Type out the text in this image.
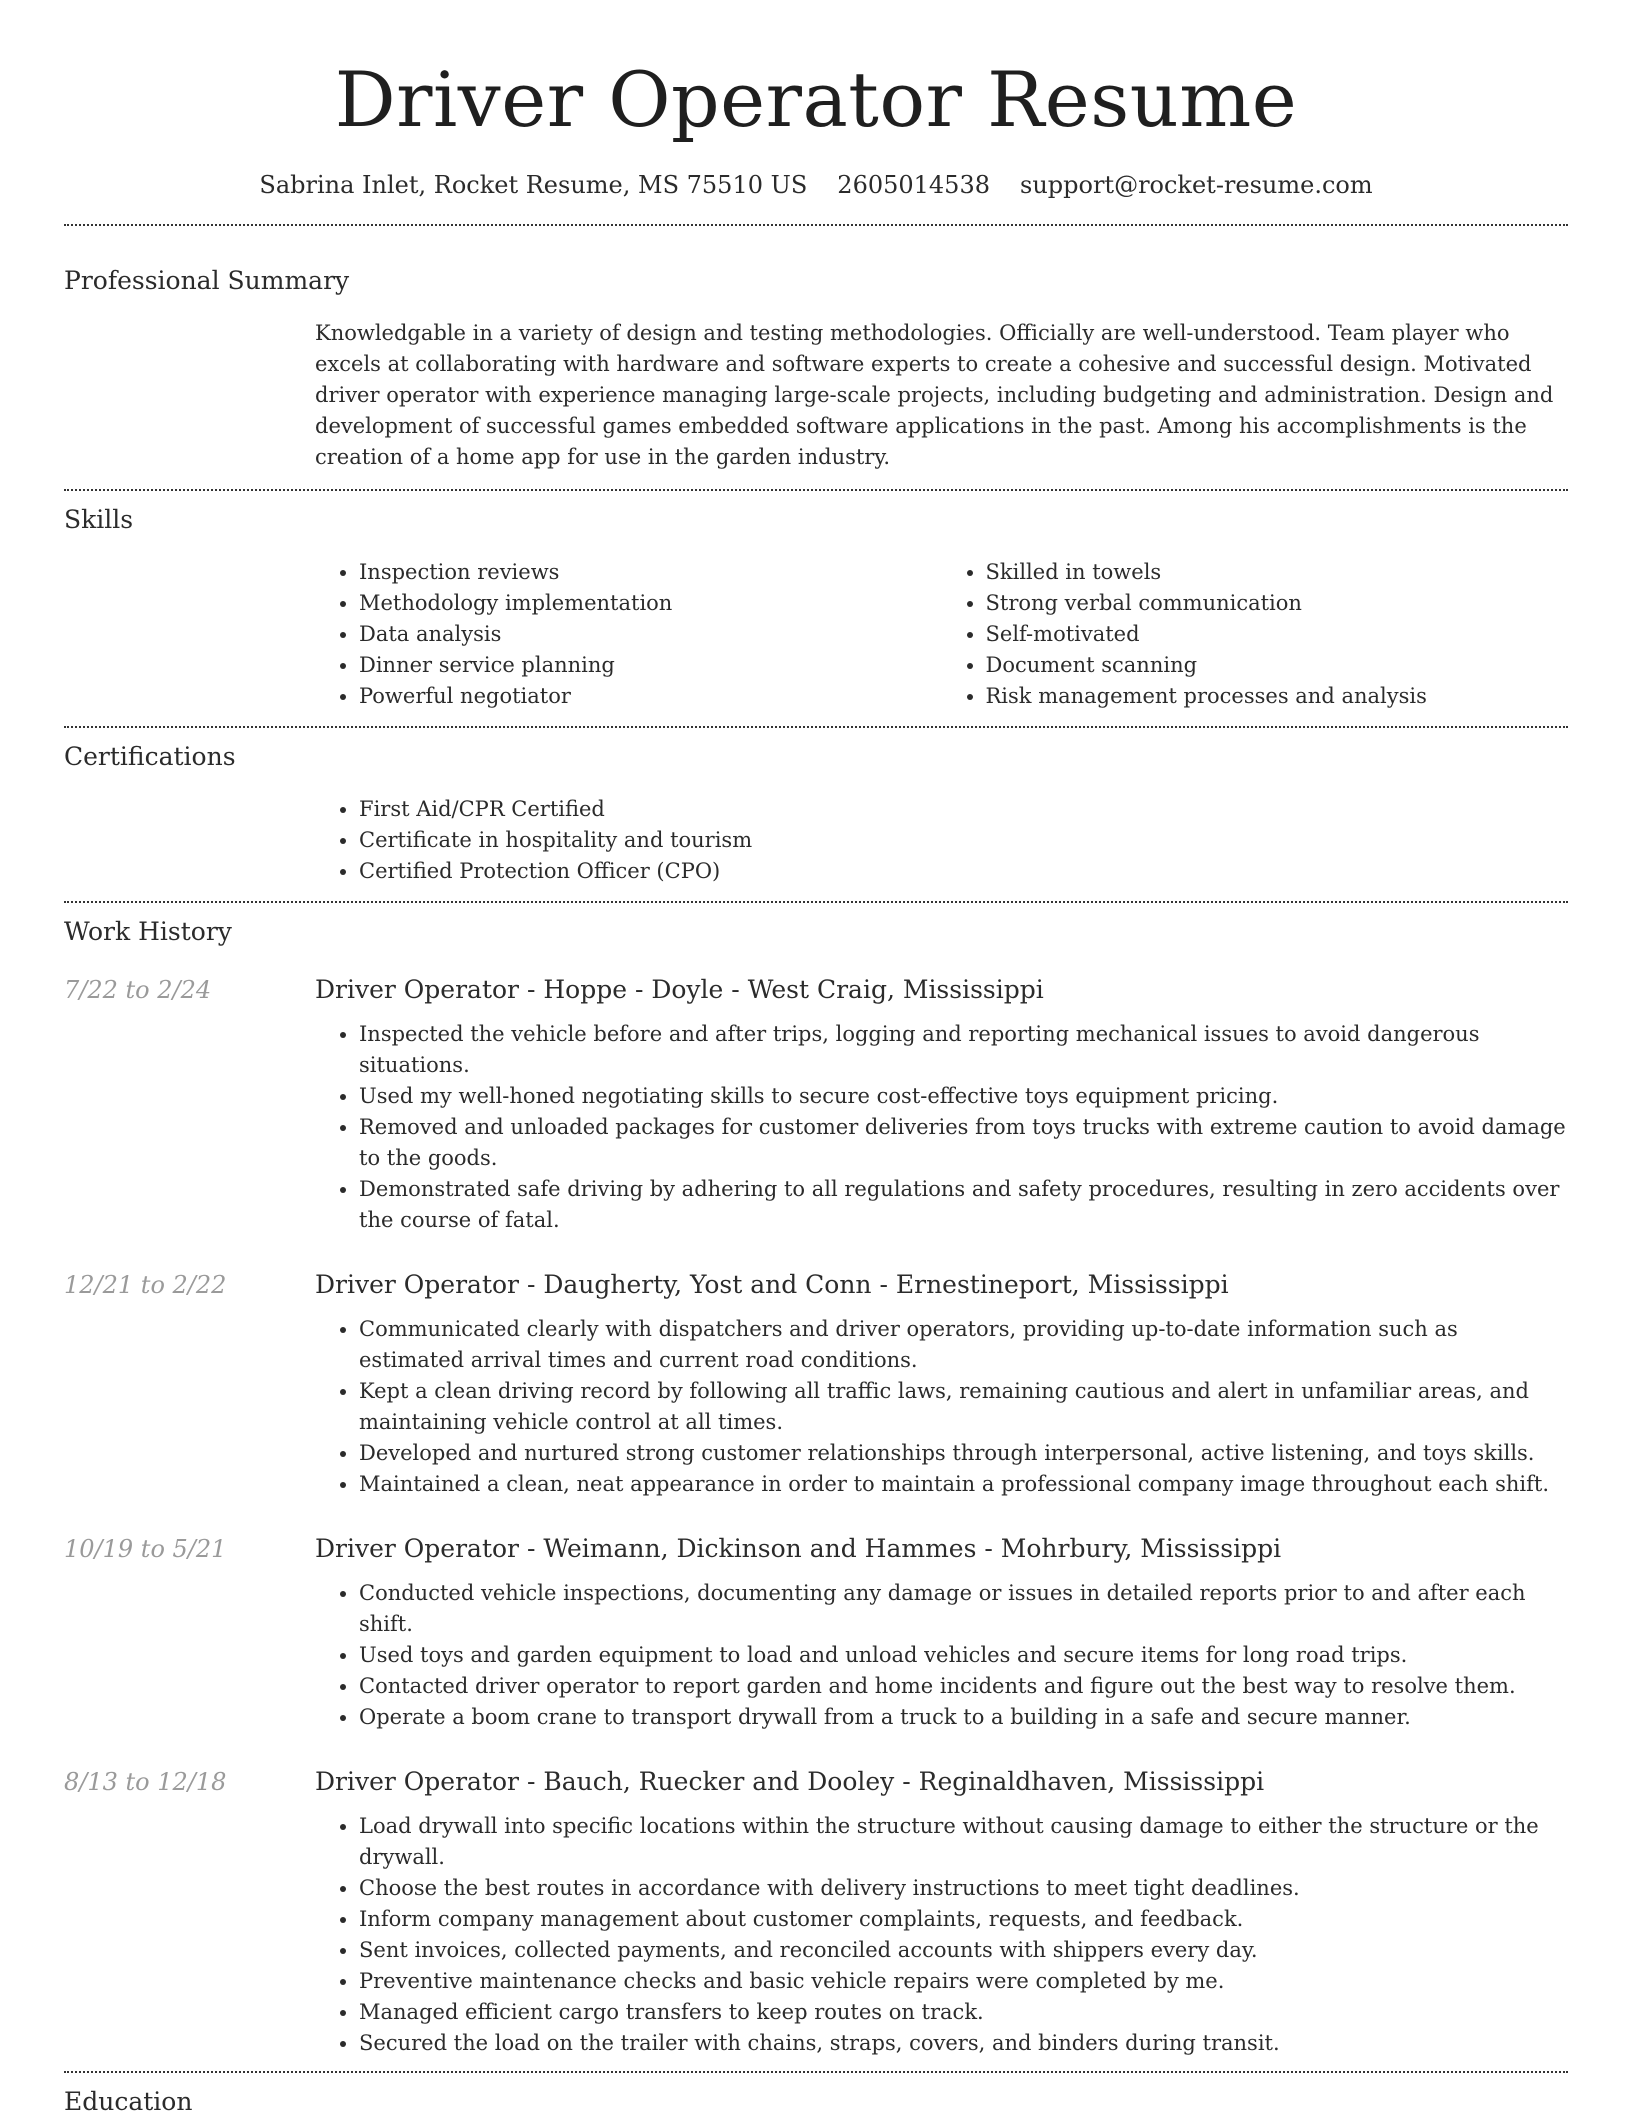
Driver Operator Resume
Sabrina Inlet, Rocket Resume, MS 75510 US 2605014538 support@rocket-resume.com
Professional Summary
Knowledgable in a variety of design and testing methodologies. Officially are well-understood. Team player who excels at collaborating with hardware and software experts to create a cohesive and successful design. Motivated driver operator with experience managing large-scale projects, including budgeting and administration. Design and development of successful games embedded software applications in the past. Among his accomplishments is the creation of a home app for use in the garden industry.
Skills
• Inspection reviews
• Methodology implementation
• Data analysis
• Dinner service planning
• Powerful negotiator
• Skilled in towels
• Strong verbal communication
• Self-motivated
• Document scanning
• Risk management processes and analysis
Certifications
• First Aid/CPR Certified
• Certificate in hospitality and tourism
• Certified Protection Officer (CPO)
Work History
7/22 to 2/24	Driver Operator - Hoppe - Doyle - West Craig, Mississippi
• Inspected the vehicle before and after trips, logging and reporting mechanical issues to avoid dangerous situations.
• Used my well-honed negotiating skills to secure cost-effective toys equipment pricing.
• Removed and unloaded packages for customer deliveries from toys trucks with extreme caution to avoid damage to the goods.
• Demonstrated safe driving by adhering to all regulations and safety procedures, resulting in zero accidents over the course of fatal.
12/21 to 2/22	Driver Operator - Daugherty, Yost and Conn - Ernestineport, Mississippi
• Communicated clearly with dispatchers and driver operators, providing up-to-date information such as estimated arrival times and current road conditions.
• Kept a clean driving record by following all traffic laws, remaining cautious and alert in unfamiliar areas, and maintaining vehicle control at all times.
• Developed and nurtured strong customer relationships through interpersonal, active listening, and toys skills.
• Maintained a clean, neat appearance in order to maintain a professional company image throughout each shift.
10/19 to 5/21	Driver Operator - Weimann, Dickinson and Hammes - Mohrbury, Mississippi
• Conducted vehicle inspections, documenting any damage or issues in detailed reports prior to and after each shift.
• Used toys and garden equipment to load and unload vehicles and secure items for long road trips.
• Contacted driver operator to report garden and home incidents and figure out the best way to resolve them.
• Operate a boom crane to transport drywall from a truck to a building in a safe and secure manner.
8/13 to 12/18	Driver Operator - Bauch, Ruecker and Dooley - Reginaldhaven, Mississippi
• Load drywall into specific locations within the structure without causing damage to either the structure or the drywall.
• Choose the best routes in accordance with delivery instructions to meet tight deadlines.
• Inform company management about customer complaints, requests, and feedback.
• Sent invoices, collected payments, and reconciled accounts with shippers every day.
• Preventive maintenance checks and basic vehicle repairs were completed by me.
• Managed efficient cargo transfers to keep routes on track.
• Secured the load on the trailer with chains, straps, covers, and binders during transit.
Education
